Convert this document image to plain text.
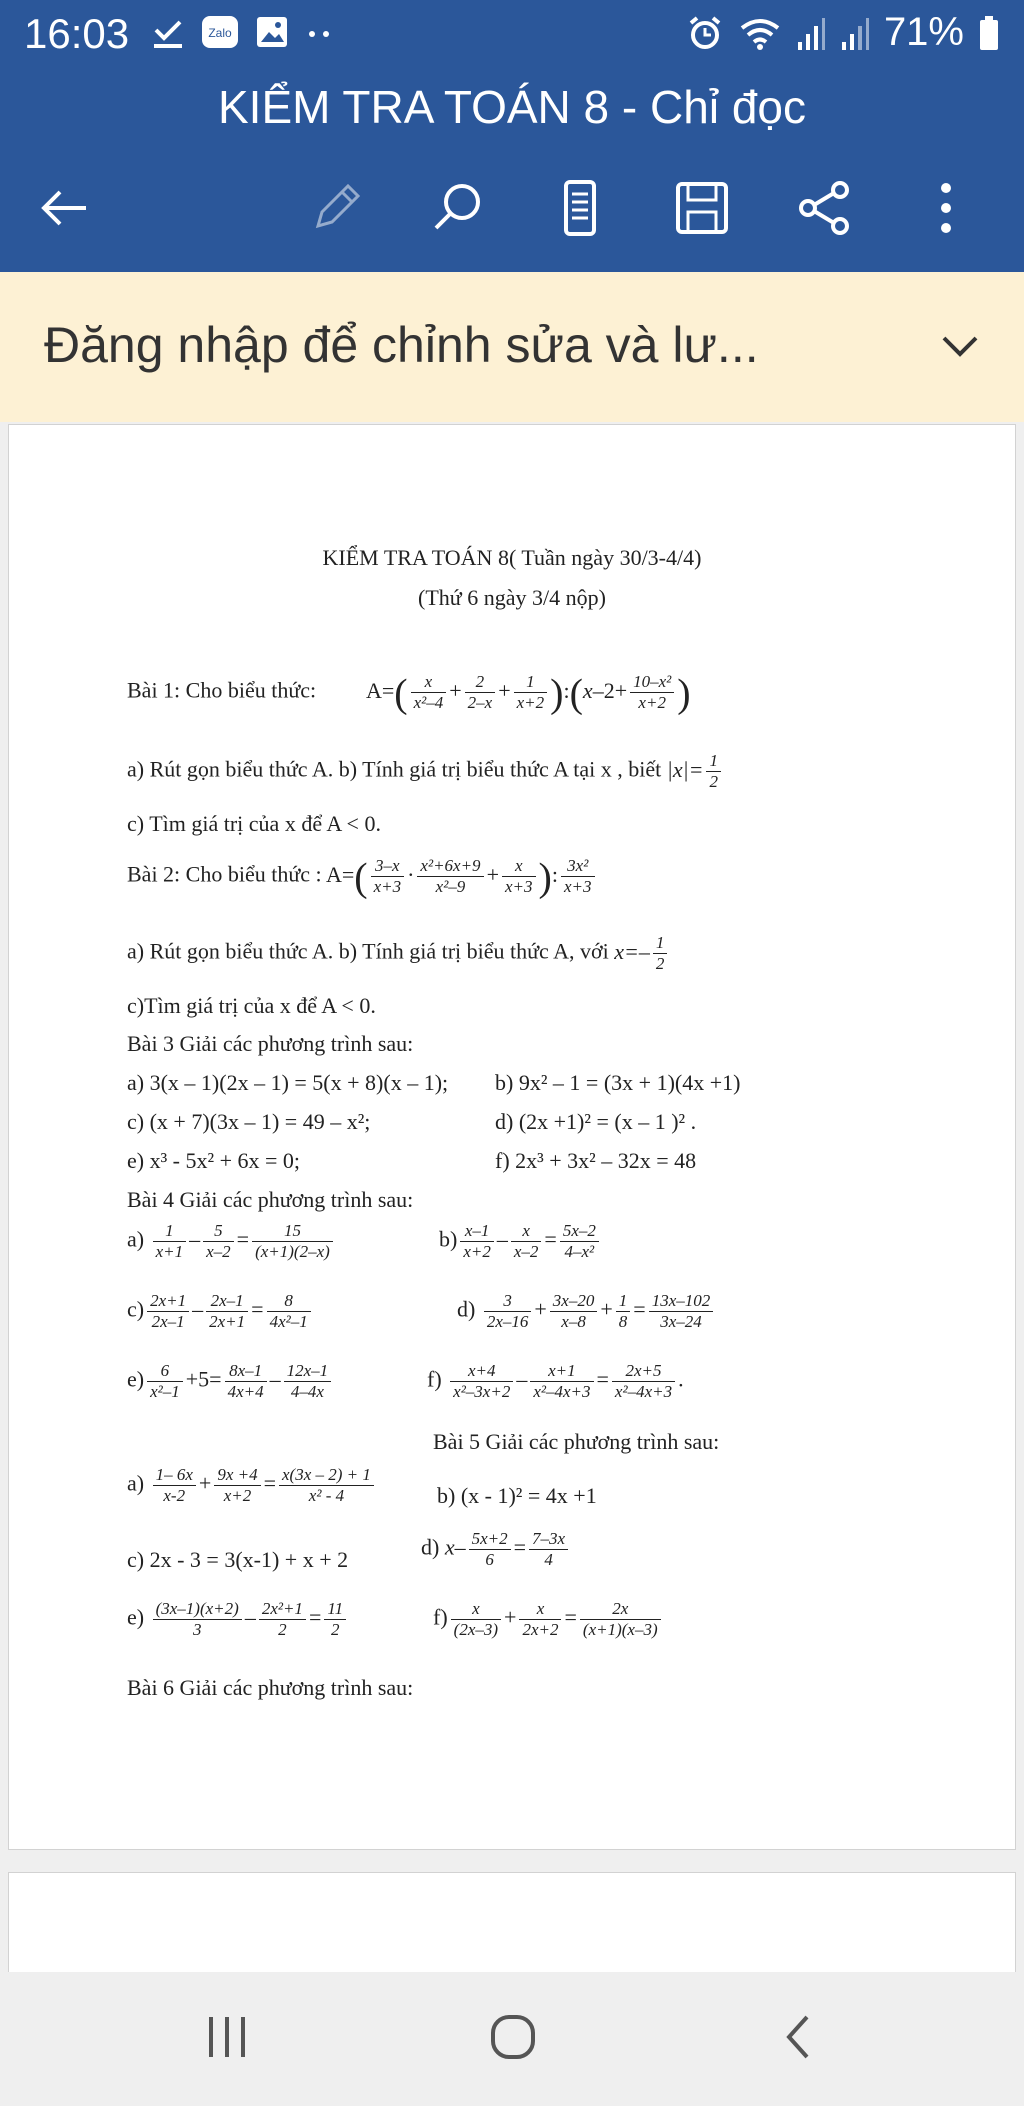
16:03	Zalo	71%
KIỂM TRA TOÁN 8 - Chỉ đọc
Đăng nhập để chỉnh sửa và lư...
KIỂM TRA TOÁN 8( Tuần ngày 30/3-4/4)
(Thứ 6 ngày 3/4 nộp)
Bài 1: Cho biểu thức: $A=( \frac{x}{\text{x²–4}} + \frac{2}{2-x} + \frac{1}{x+2}$ ):(x–2+ $\frac{\text{10–x²}}{x+2}$ )
a) Rút gọn biểu thức A. b) Tính giá trị biểu thức A tại x , biết $|x|= \frac{1}{2}$
c) Tìm giá trị của x để A < 0.
Bài 2: Cho biểu thức : $A=( \frac{3-x}{x+3} \cdot \frac{\text{x²+6x+9}}{\text{x²–9}} + \frac{x}{x+3}$ ): $\frac{\text{3x²}}{x+3}$
a) Rút gọn biểu thức A. b) Tính giá trị biểu thức A, với $x=- \frac{1}{2}$
c)Tìm giá trị của x để A < 0.
Bài 3 Giải các phương trình sau:
a) 3(x – 1)(2x – 1) = 5(x + 8)(x – 1); b) 9x² – 1 = (3x + 1)(4x +1)
c) (x + 7)(3x – 1) = 49 – x²;	d) (2x +1)² = (x – 1 )² .
e) x³ - 5x² + 6x = 0;	f) 2x³ + 3x² – 32x = 48
Bài 4 Giải các phương trình sau:
$a) \frac{1}{x+1} - \frac{5}{x-2} = \frac{15}{(x+1)(2-x)}$	$b) \frac{x-1}{x+2} - \frac{x}{x-2} = \frac{5x-2}{\text{4–x²}}$
$c) \frac{2x+1}{2x-1} - \frac{2x-1}{2x+1} = \frac{8}{\text{4x²–1}}$	$d) \frac{3}{2x-16} + \frac{3x-20}{x-8} + \frac{1}{8} = \frac{13x-102}{3x-24}$
$e) \frac{6}{\text{x²–1}} +5= \frac{8x-1}{4x+4} - \frac{12x-1}{4-4x}$	$f) \frac{x+4}{\text{x²–3x+2}} - \frac{x+1}{\text{x²–4x+3}} = \frac{2x+5}{\text{x²–4x+3}}$ .
Bài 5 Giải các phương trình sau:
$a) \frac{1- 6x}{x-2} + \frac{9x +4}{x+2} = \frac{x(3x - 2) + 1}{\text{x² - 4}}$	b) (x - 1)² = 4x +1
c) 2x - 3 = 3(x-1) + x + 2	d) $x- \frac{5x+2}{6} = \frac{7-3x}{4}$
$e) \frac{(3x-1)(x+2)}{3} - \frac{\text{2x²+1}}{2} = \frac{11}{2}$	$f) \frac{x}{(2x-3)} + \frac{x}{2x+2} = \frac{2x}{(x+1)(x-3)}$
Bài 6 Giải các phương trình sau:
